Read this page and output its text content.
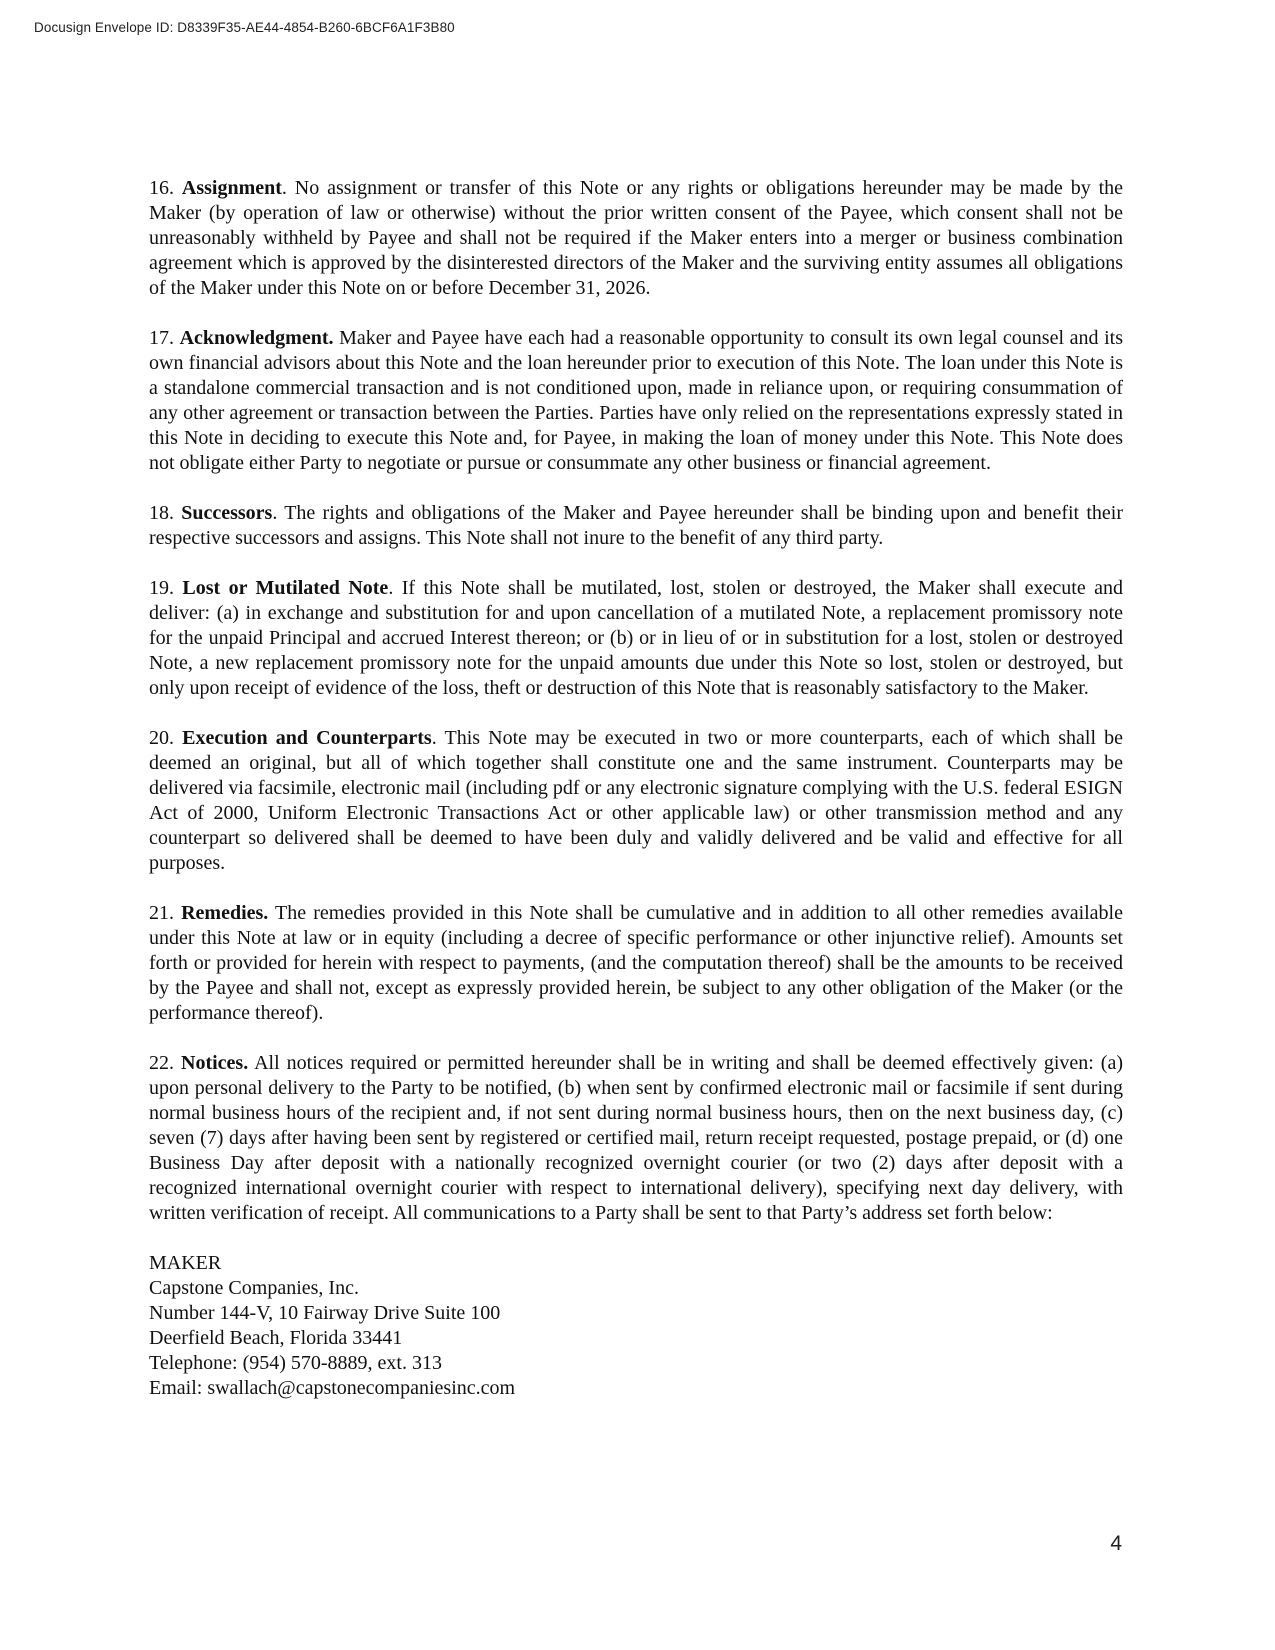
Docusign Envelope ID: D8339F35-AE44-4854-B260-6BCF6A1F3B80

16. Assignment. No assignment or transfer of this Note or any rights or obligations hereunder may be made by the Maker (by operation of law or otherwise) without the prior written consent of the Payee, which consent shall not be unreasonably withheld by Payee and shall not be required if the Maker enters into a merger or business combination agreement which is approved by the disinterested directors of the Maker and the surviving entity assumes all obligations of the Maker under this Note on or before December 31, 2026.

17. Acknowledgment. Maker and Payee have each had a reasonable opportunity to consult its own legal counsel and its own financial advisors about this Note and the loan hereunder prior to execution of this Note. The loan under this Note is a standalone commercial transaction and is not conditioned upon, made in reliance upon, or requiring consummation of any other agreement or transaction between the Parties. Parties have only relied on the representations expressly stated in this Note in deciding to execute this Note and, for Payee, in making the loan of money under this Note. This Note does not obligate either Party to negotiate or pursue or consummate any other business or financial agreement.

18. Successors. The rights and obligations of the Maker and Payee hereunder shall be binding upon and benefit their respective successors and assigns. This Note shall not inure to the benefit of any third party.

19. Lost or Mutilated Note. If this Note shall be mutilated, lost, stolen or destroyed, the Maker shall execute and deliver: (a) in exchange and substitution for and upon cancellation of a mutilated Note, a replacement promissory note for the unpaid Principal and accrued Interest thereon; or (b) or in lieu of or in substitution for a lost, stolen or destroyed Note, a new replacement promissory note for the unpaid amounts due under this Note so lost, stolen or destroyed, but only upon receipt of evidence of the loss, theft or destruction of this Note that is reasonably satisfactory to the Maker.

20. Execution and Counterparts. This Note may be executed in two or more counterparts, each of which shall be deemed an original, but all of which together shall constitute one and the same instrument. Counterparts may be delivered via facsimile, electronic mail (including pdf or any electronic signature complying with the U.S. federal ESIGN Act of 2000, Uniform Electronic Transactions Act or other applicable law) or other transmission method and any counterpart so delivered shall be deemed to have been duly and validly delivered and be valid and effective for all purposes.

21. Remedies. The remedies provided in this Note shall be cumulative and in addition to all other remedies available under this Note at law or in equity (including a decree of specific performance or other injunctive relief). Amounts set forth or provided for herein with respect to payments, (and the computation thereof) shall be the amounts to be received by the Payee and shall not, except as expressly provided herein, be subject to any other obligation of the Maker (or the performance thereof).

22. Notices. All notices required or permitted hereunder shall be in writing and shall be deemed effectively given: (a) upon personal delivery to the Party to be notified, (b) when sent by confirmed electronic mail or facsimile if sent during normal business hours of the recipient and, if not sent during normal business hours, then on the next business day, (c) seven (7) days after having been sent by registered or certified mail, return receipt requested, postage prepaid, or (d) one Business Day after deposit with a nationally recognized overnight courier (or two (2) days after deposit with a recognized international overnight courier with respect to international delivery), specifying next day delivery, with written verification of receipt. All communications to a Party shall be sent to that Party’s address set forth below:

MAKER
Capstone Companies, Inc.
Number 144-V, 10 Fairway Drive Suite 100
Deerfield Beach, Florida 33441
Telephone: (954) 570-8889, ext. 313
Email: swallach@capstonecompaniesinc.com
4
